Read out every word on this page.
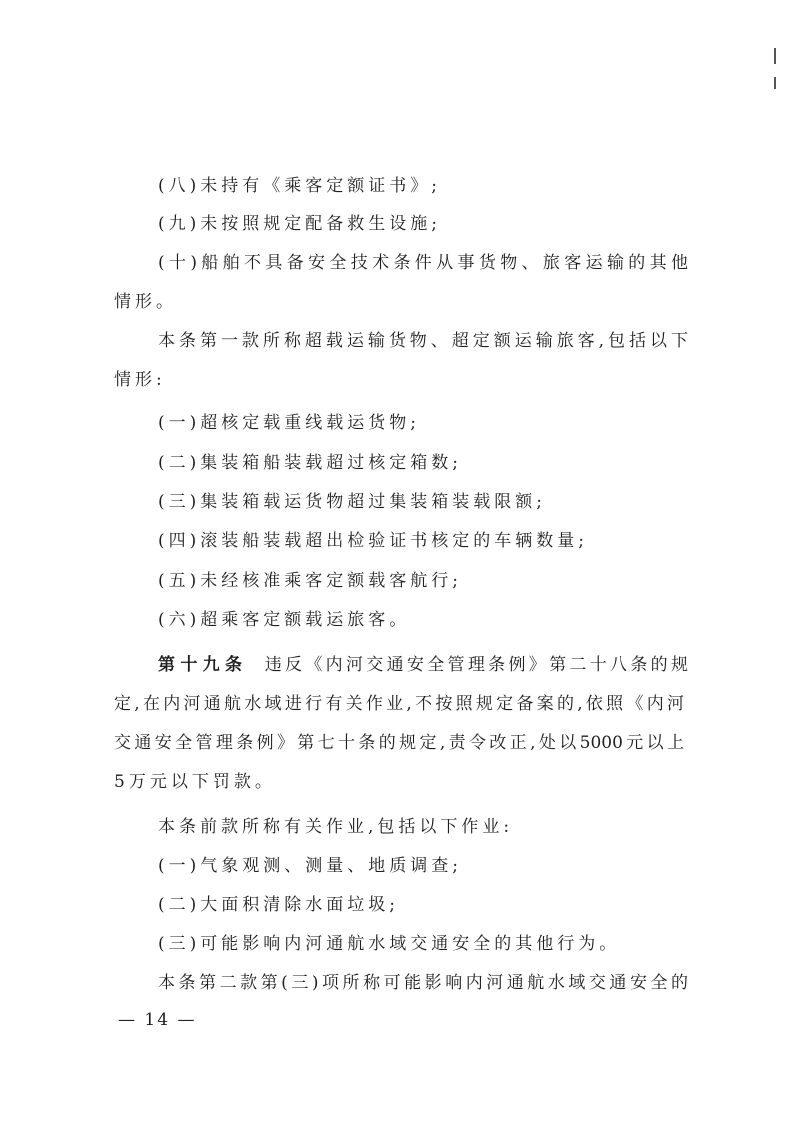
(八)未持有《乘客定额证书》;

(九)未按照规定配备救生设施;

(十)船舶不具备安全技术条件从事货物、旅客运输的其他

情形。

本条第一款所称超载运输货物、超定额运输旅客,包括以下

情形:

(一)超核定载重线载运货物;

(二)集装箱船装载超过核定箱数;

(三)集装箱载运货物超过集装箱装载限额;

(四)滚装船装载超出检验证书核定的车辆数量;

(五)未经核准乘客定额载客航行;

(六)超乘客定额载运旅客。

第十九条 违反《内河交通安全管理条例》第二十八条的规

定,在内河通航水域进行有关作业,不按照规定备案的,依照《内河

交通安全管理条例》第七十条的规定,责令改正,处以5000元以上

5万元以下罚款。

本条前款所称有关作业,包括以下作业:

(一)气象观测、测量、地质调查;

(二)大面积清除水面垃圾;

(三)可能影响内河通航水域交通安全的其他行为。

本条第二款第(三)项所称可能影响内河通航水域交通安全的

— 14 —
